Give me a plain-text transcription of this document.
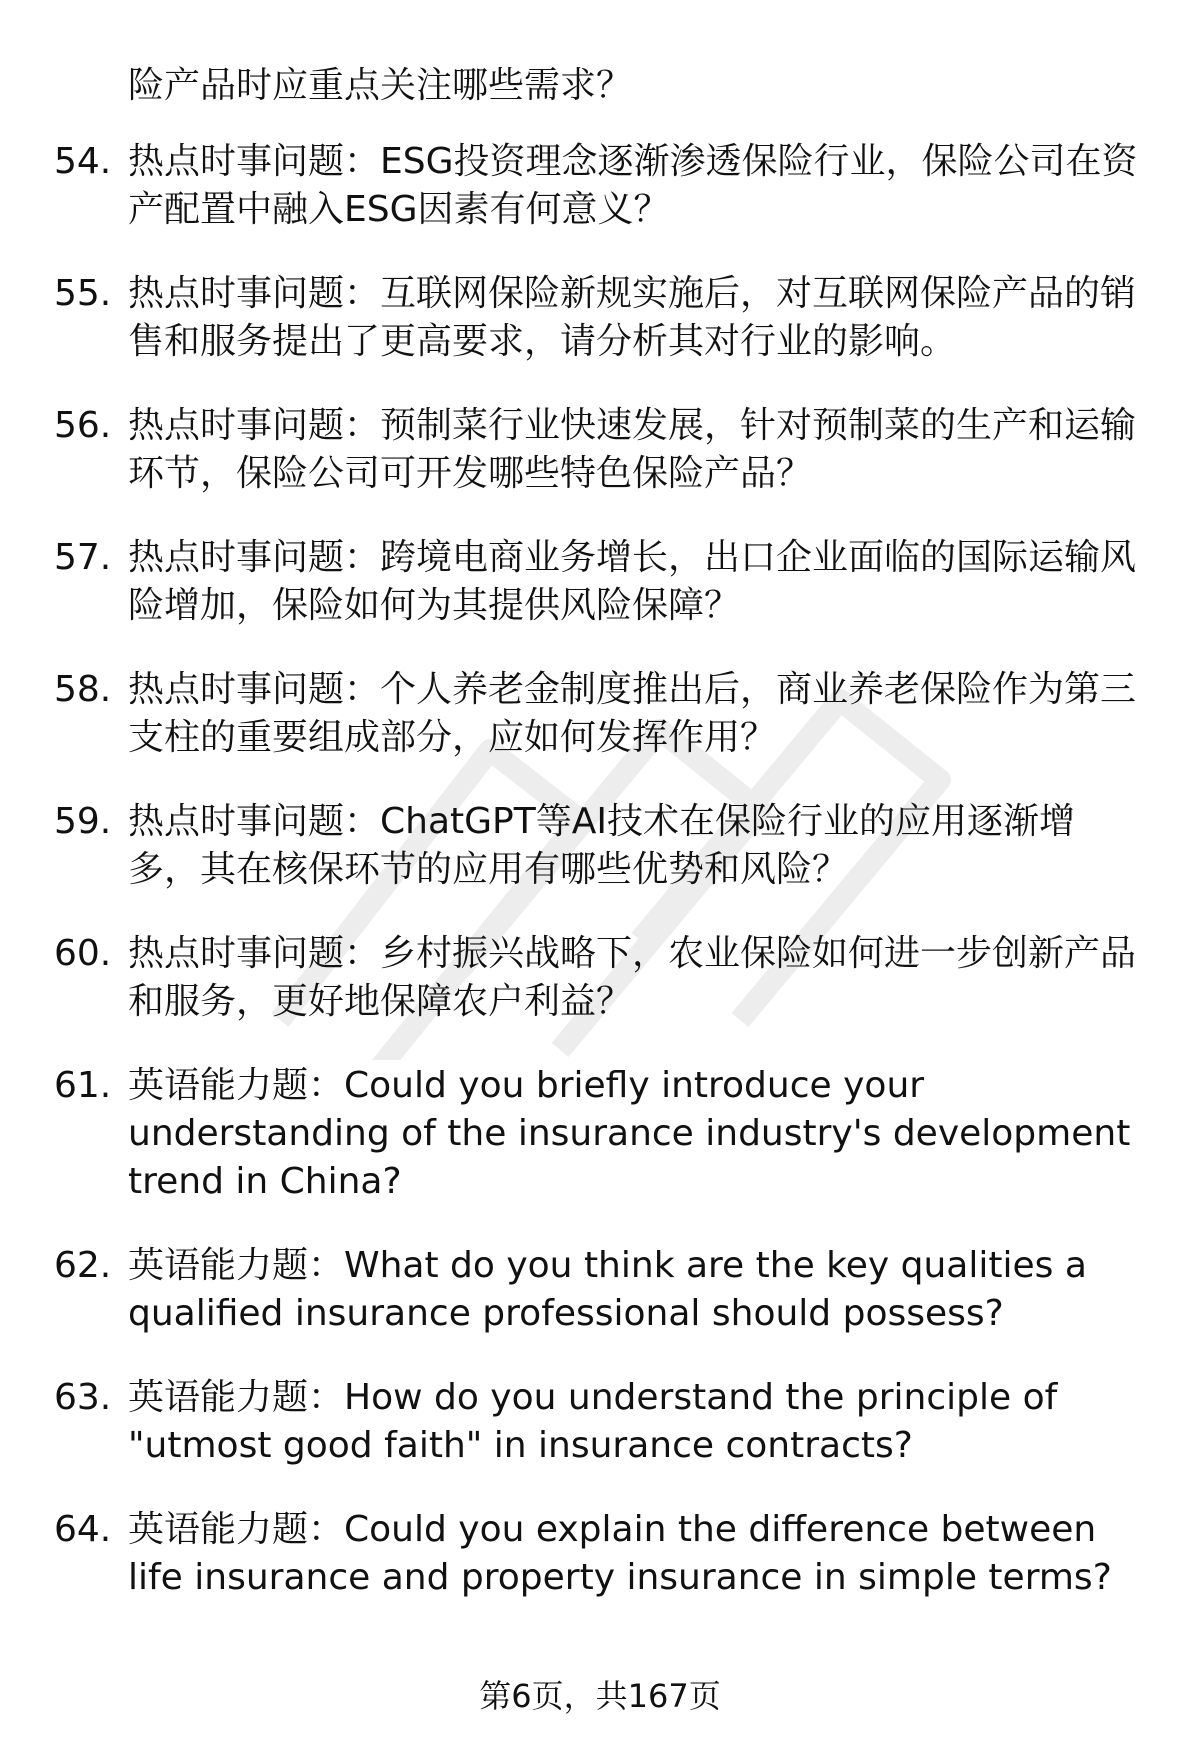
险产品时应重点关注哪些需求？
54. 热点时事问题：ESG投资理念逐渐渗透保险行业，保险公司在资产配置中融入ESG因素有何意义？
55. 热点时事问题：互联网保险新规实施后，对互联网保险产品的销售和服务提出了更高要求，请分析其对行业的影响。
56. 热点时事问题：预制菜行业快速发展，针对预制菜的生产和运输环节，保险公司可开发哪些特色保险产品？
57. 热点时事问题：跨境电商业务增长，出口企业面临的国际运输风险增加，保险如何为其提供风险保障？
58. 热点时事问题：个人养老金制度推出后，商业养老保险作为第三支柱的重要组成部分，应如何发挥作用？
59. 热点时事问题：ChatGPT等AI技术在保险行业的应用逐渐增多，其在核保环节的应用有哪些优势和风险？
60. 热点时事问题：乡村振兴战略下，农业保险如何进一步创新产品和服务，更好地保障农户利益？
61. 英语能力题：Could you briefly introduce your understanding of the insurance industry's development trend in China?
62. 英语能力题：What do you think are the key qualities a qualified insurance professional should possess?
63. 英语能力题：How do you understand the principle of "utmost good faith" in insurance contracts?
64. 英语能力题：Could you explain the difference between life insurance and property insurance in simple terms?
第6页，共167页
